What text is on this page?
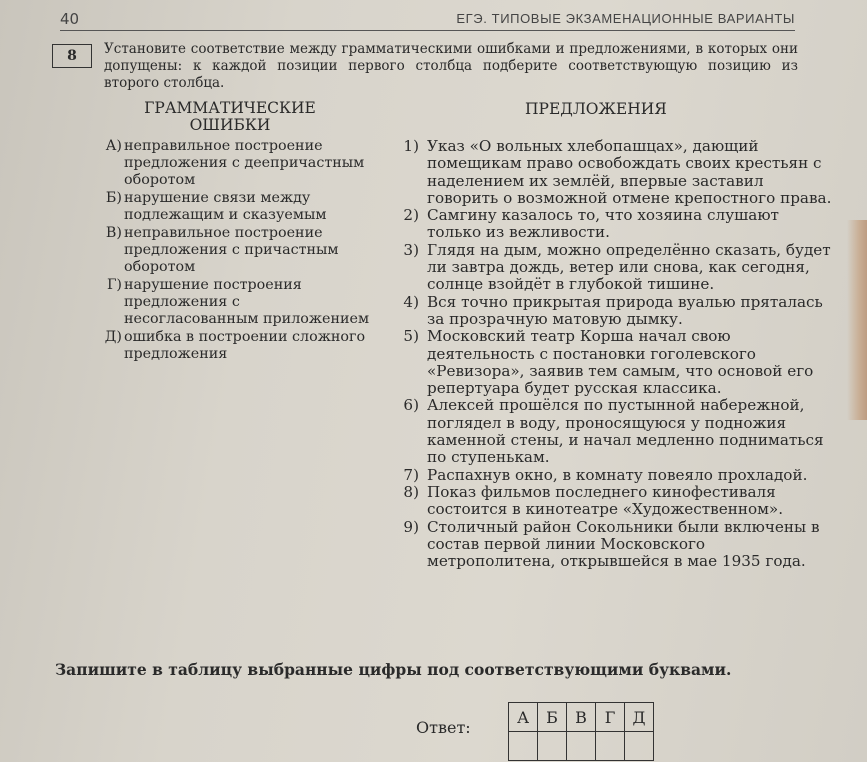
40	ЕГЭ. ТИПОВЫЕ ЭКЗАМЕНАЦИОННЫЕ ВАРИАНТЫ
8	Установите соответствие между грамматическими ошибками и предложениями, в которых они допущены: к каждой позиции первого столбца подберите соответствующую позицию из второго столбца.
ГРАММАТИЧЕСКИЕ ОШИБКИ
ПРЕДЛОЖЕНИЯ
А) неправильное построение предложения с деепричастным оборотом
Б) нарушение связи между подлежащим и сказуемым
В) неправильное построение предложения с причастным оборотом
Г) нарушение построения предложения с несогласованным приложением
Д) ошибка в построении сложного предложения
1) Указ «О вольных хлебопашцах», дающий помещикам право освобождать своих крестьян с наделением их землёй, впервые заставил говорить о возможной отмене крепостного права.
2) Самгину казалось то, что хозяина слушают только из вежливости.
3) Глядя на дым, можно определённо сказать, будет ли завтра дождь, ветер или снова, как сегодня, солнце взойдёт в глубокой тишине.
4) Вся точно прикрытая природа вуалью пряталась за прозрачную матовую дымку.
5) Московский театр Корша начал свою деятельность с постановки гоголевского «Ревизора», заявив тем самым, что основой его репертуара будет русская классика.
6) Алексей прошёлся по пустынной набережной, поглядел в воду, проносящуюся у подножия каменной стены, и начал медленно подниматься по ступенькам.
7) Распахнув окно, в комнату повеяло прохладой.
8) Показ фильмов последнего кинофестиваля состоится в кинотеатре «Художественном».
9) Столичный район Сокольники были включены в состав первой линии Московского метрополитена, открывшейся в мае 1935 года.
Запишите в таблицу выбранные цифры под соответствующими буквами.
Ответ:
А	Б	В	Г	Д
